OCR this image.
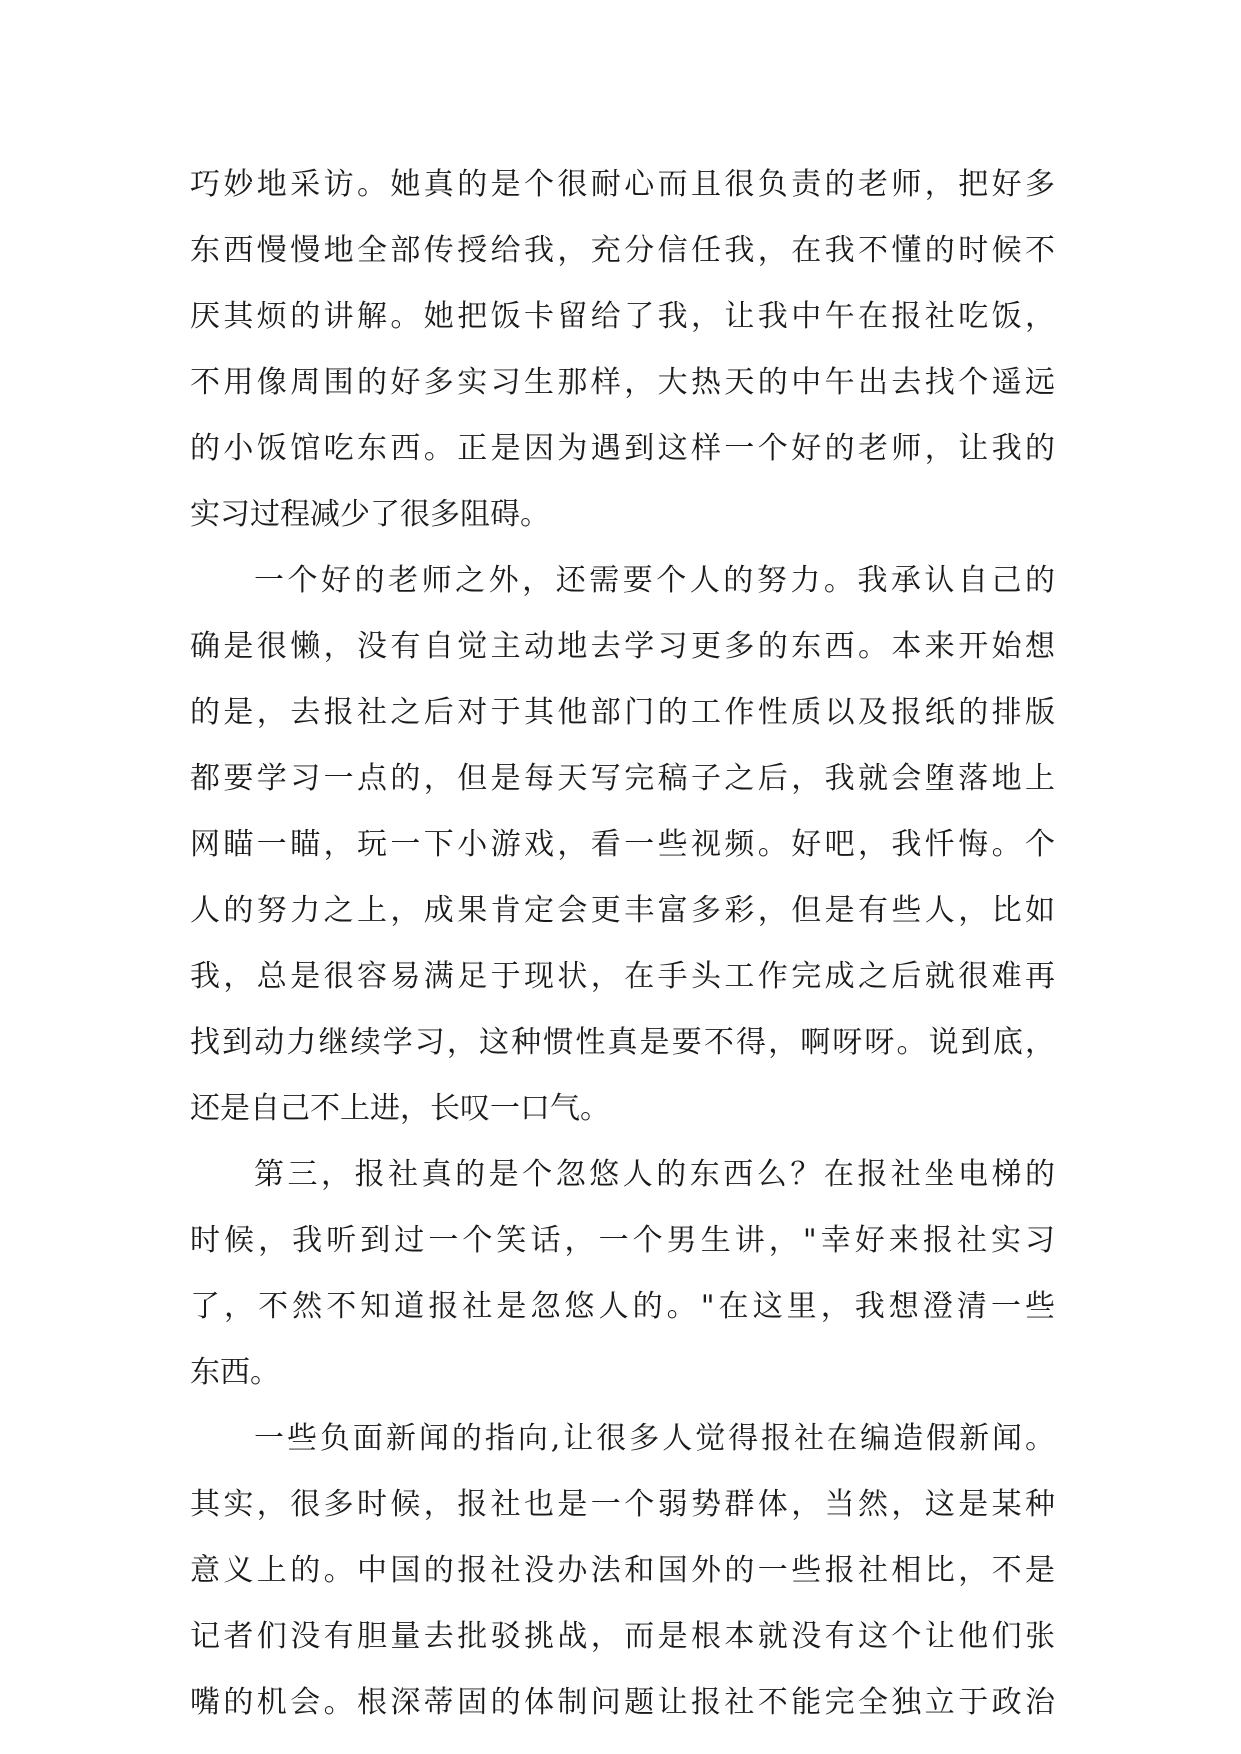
巧妙地采访。她真的是个很耐心而且很负责的老师，把好多
东西慢慢地全部传授给我，充分信任我，在我不懂的时候不
厌其烦的讲解。她把饭卡留给了我，让我中午在报社吃饭，
不用像周围的好多实习生那样，大热天的中午出去找个遥远
的小饭馆吃东西。正是因为遇到这样一个好的老师，让我的
实习过程减少了很多阻碍。
一个好的老师之外，还需要个人的努力。我承认自己的
确是很懒，没有自觉主动地去学习更多的东西。本来开始想
的是，去报社之后对于其他部门的工作性质以及报纸的排版
都要学习一点的，但是每天写完稿子之后，我就会堕落地上
网瞄一瞄，玩一下小游戏，看一些视频。好吧，我忏悔。个
人的努力之上，成果肯定会更丰富多彩，但是有些人，比如
我，总是很容易满足于现状，在手头工作完成之后就很难再
找到动力继续学习，这种惯性真是要不得，啊呀呀。说到底，
还是自己不上进，长叹一口气。
第三，报社真的是个忽悠人的东西么？在报社坐电梯的
时候，我听到过一个笑话，一个男生讲，"幸好来报社实习
了，不然不知道报社是忽悠人的。"在这里，我想澄清一些
东西。
一些负面新闻的指向,让很多人觉得报社在编造假新闻。
其实，很多时候，报社也是一个弱势群体，当然，这是某种
意义上的。中国的报社没办法和国外的一些报社相比，不是
记者们没有胆量去批驳挑战，而是根本就没有这个让他们张
嘴的机会。根深蒂固的体制问题让报社不能完全独立于政治
